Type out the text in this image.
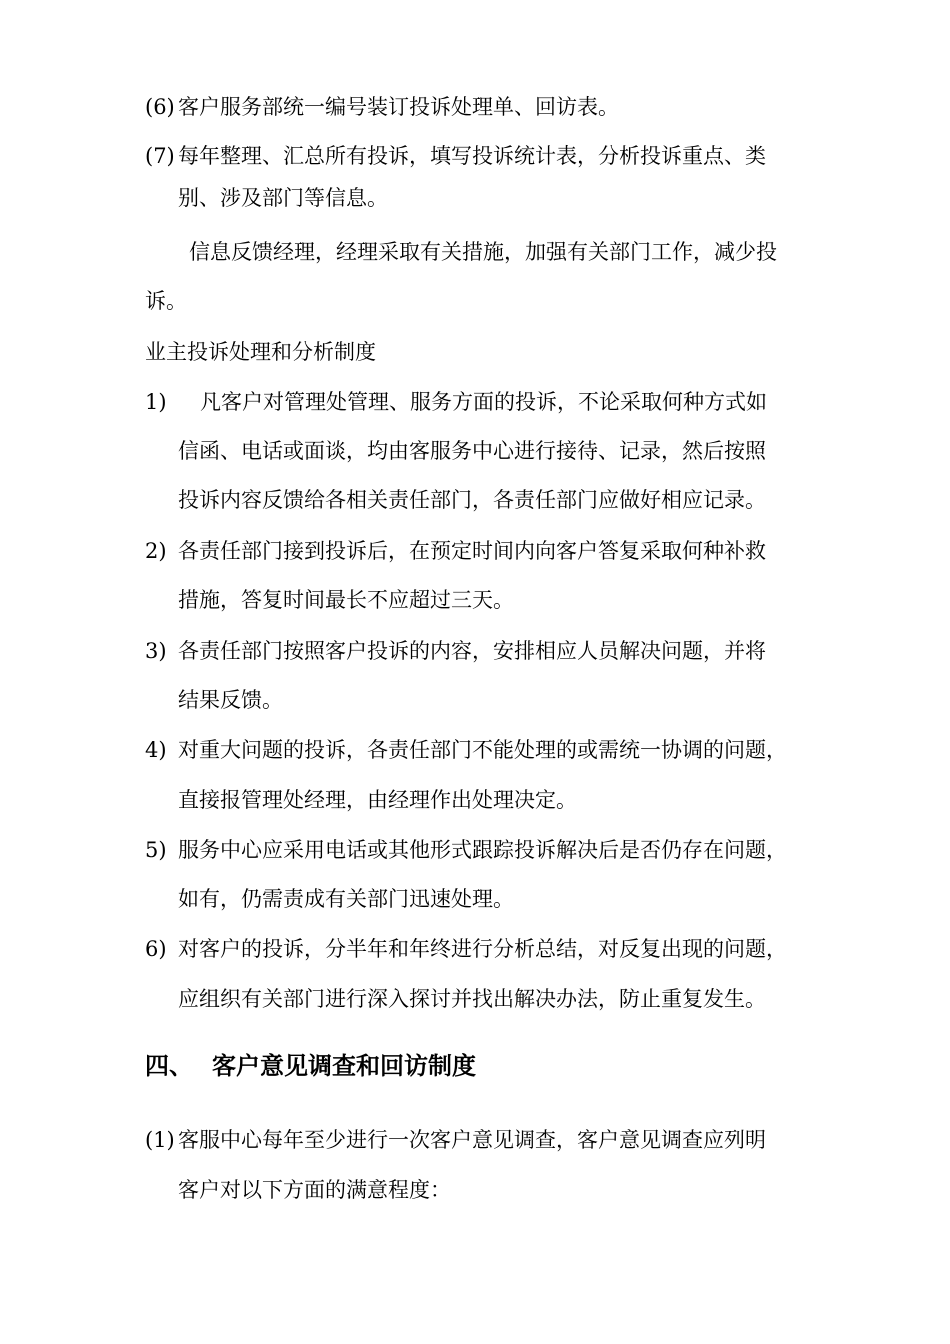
(6) 客户服务部统一编号装订投诉处理单、回访表。
(7) 每年整理、汇总所有投诉，填写投诉统计表，分析投诉重点、类
别、涉及部门等信息。
信息反馈经理，经理采取有关措施，加强有关部门工作，减少投
诉。
业主投诉处理和分析制度
1) 凡客户对管理处管理、服务方面的投诉，不论采取何种方式如
信函、电话或面谈，均由客服务中心进行接待、记录，然后按照
投诉内容反馈给各相关责任部门，各责任部门应做好相应记录。
2) 各责任部门接到投诉后，在预定时间内向客户答复采取何种补救
措施，答复时间最长不应超过三天。
3) 各责任部门按照客户投诉的内容，安排相应人员解决问题，并将
结果反馈。
4) 对重大问题的投诉，各责任部门不能处理的或需统一协调的问题，
直接报管理处经理，由经理作出处理决定。
5) 服务中心应采用电话或其他形式跟踪投诉解决后是否仍存在问题，
如有，仍需责成有关部门迅速处理。
6) 对客户的投诉，分半年和年终进行分析总结，对反复出现的问题，
应组织有关部门进行深入探讨并找出解决办法，防止重复发生。
四、 客户意见调查和回访制度
(1) 客服中心每年至少进行一次客户意见调查，客户意见调查应列明
客户对以下方面的满意程度：
